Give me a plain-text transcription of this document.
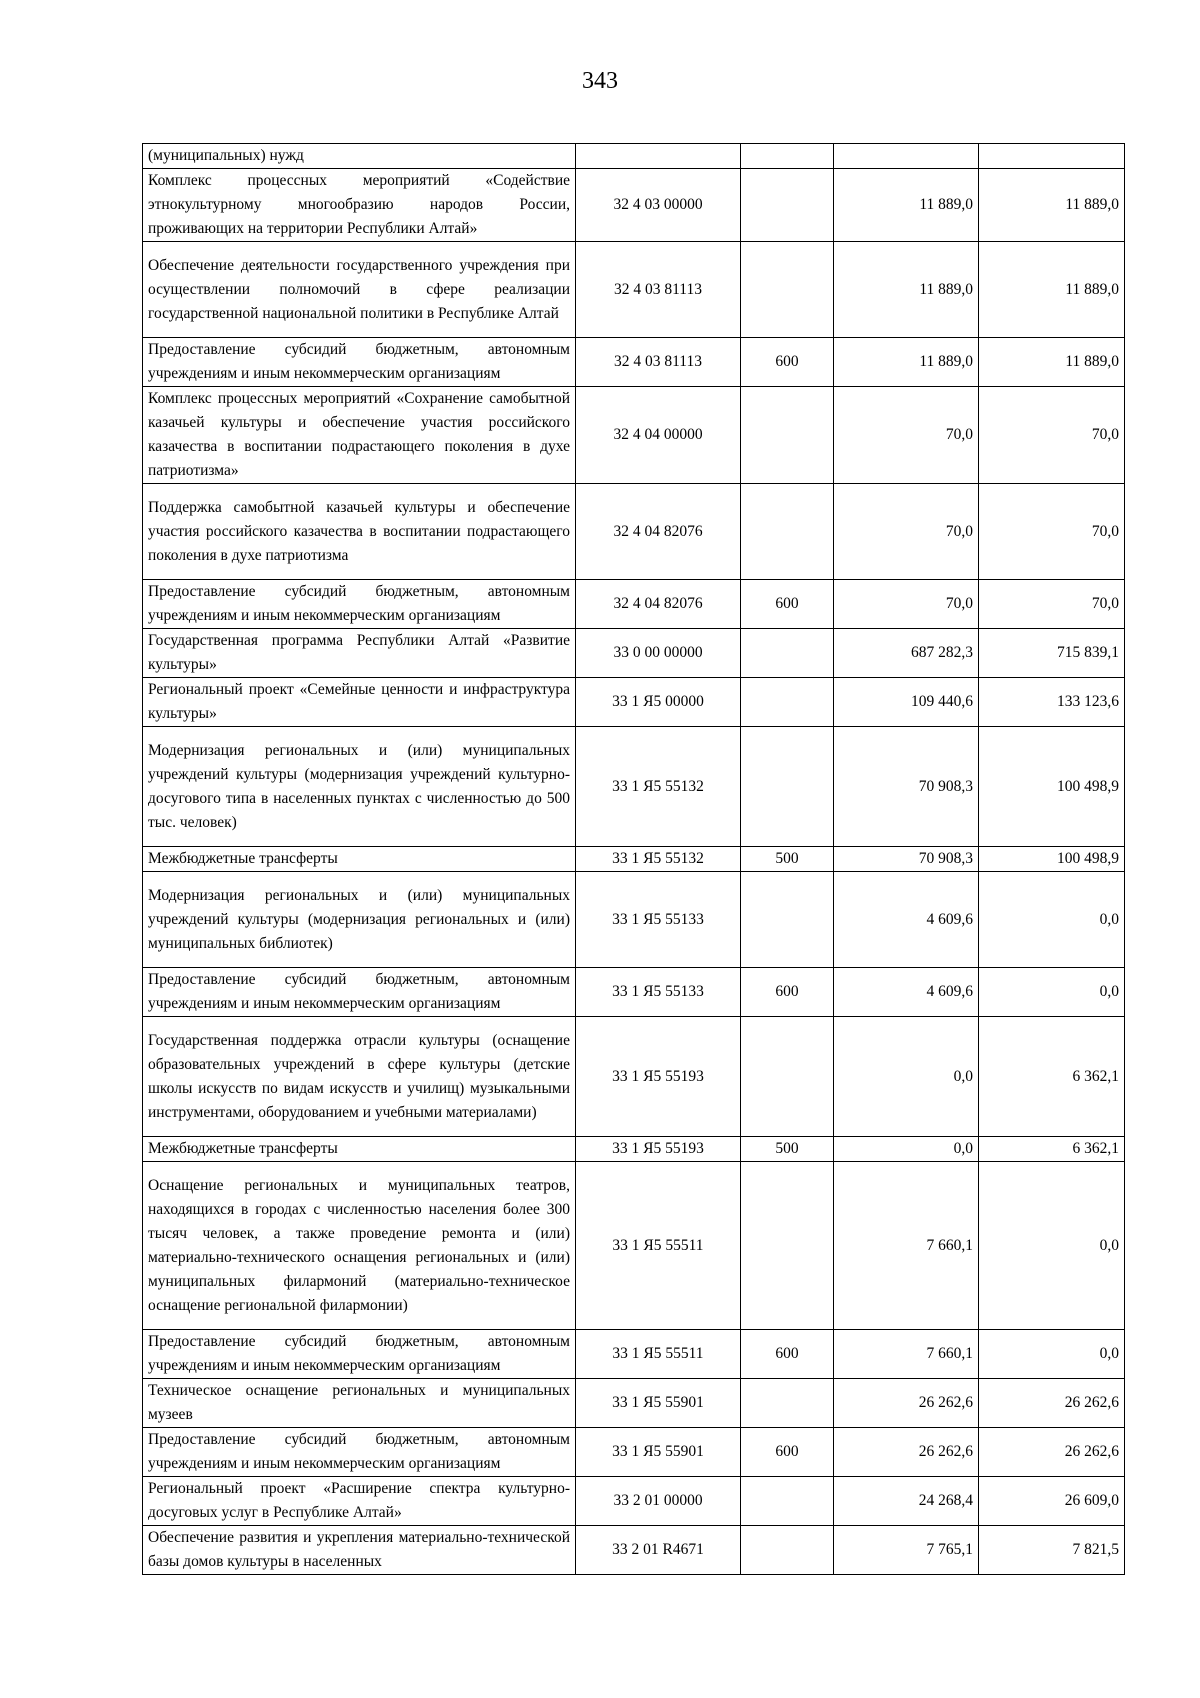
343
(муниципальных) нужд				
Комплекс процессных мероприятий «Содействие этнокультурному многообразию народов России, проживающих на территории Республики Алтай»	32 4 03 00000		11 889,0	11 889,0
Обеспечение деятельности государственного учреждения при осуществлении полномочий в сфере реализации государственной национальной политики в Республике Алтай	32 4 03 81113		11 889,0	11 889,0
Предоставление субсидий бюджетным, автономным учреждениям и иным некоммерческим организациям	32 4 03 81113	600	11 889,0	11 889,0
Комплекс процессных мероприятий «Сохранение самобытной казачьей культуры и обеспечение участия российского казачества в воспитании подрастающего поколения в духе патриотизма»	32 4 04 00000		70,0	70,0
Поддержка самобытной казачьей культуры и обеспечение участия российского казачества в воспитании подрастающего поколения в духе патриотизма	32 4 04 82076		70,0	70,0
Предоставление субсидий бюджетным, автономным учреждениям и иным некоммерческим организациям	32 4 04 82076	600	70,0	70,0
Государственная программа Республики Алтай «Развитие культуры»	33 0 00 00000		687 282,3	715 839,1
Региональный проект «Семейные ценности и инфраструктура культуры»	33 1 Я5 00000		109 440,6	133 123,6
Модернизация региональных и (или) муниципальных учреждений культуры (модернизация учреждений культурно-досугового типа в населенных пунктах с численностью до 500 тыс. человек)	33 1 Я5 55132		70 908,3	100 498,9
Межбюджетные трансферты	33 1 Я5 55132	500	70 908,3	100 498,9
Модернизация региональных и (или) муниципальных учреждений культуры (модернизация региональных и (или) муниципальных библиотек)	33 1 Я5 55133		4 609,6	0,0
Предоставление субсидий бюджетным, автономным учреждениям и иным некоммерческим организациям	33 1 Я5 55133	600	4 609,6	0,0
Государственная поддержка отрасли культуры (оснащение образовательных учреждений в сфере культуры (детские школы искусств по видам искусств и училищ) музыкальными инструментами, оборудованием и учебными материалами)	33 1 Я5 55193		0,0	6 362,1
Межбюджетные трансферты	33 1 Я5 55193	500	0,0	6 362,1
Оснащение региональных и муниципальных театров, находящихся в городах с численностью населения более 300 тысяч человек, а также проведение ремонта и (или) материально-технического оснащения региональных и (или) муниципальных филармоний (материально-техническое оснащение региональной филармонии)	33 1 Я5 55511		7 660,1	0,0
Предоставление субсидий бюджетным, автономным учреждениям и иным некоммерческим организациям	33 1 Я5 55511	600	7 660,1	0,0
Техническое оснащение региональных и муниципальных музеев	33 1 Я5 55901		26 262,6	26 262,6
Предоставление субсидий бюджетным, автономным учреждениям и иным некоммерческим организациям	33 1 Я5 55901	600	26 262,6	26 262,6
Региональный проект «Расширение спектра культурно-досуговых услуг в Республике Алтай»	33 2 01 00000		24 268,4	26 609,0
Обеспечение развития и укрепления материально-технической базы домов культуры в населенных	33 2 01 R4671		7 765,1	7 821,5
